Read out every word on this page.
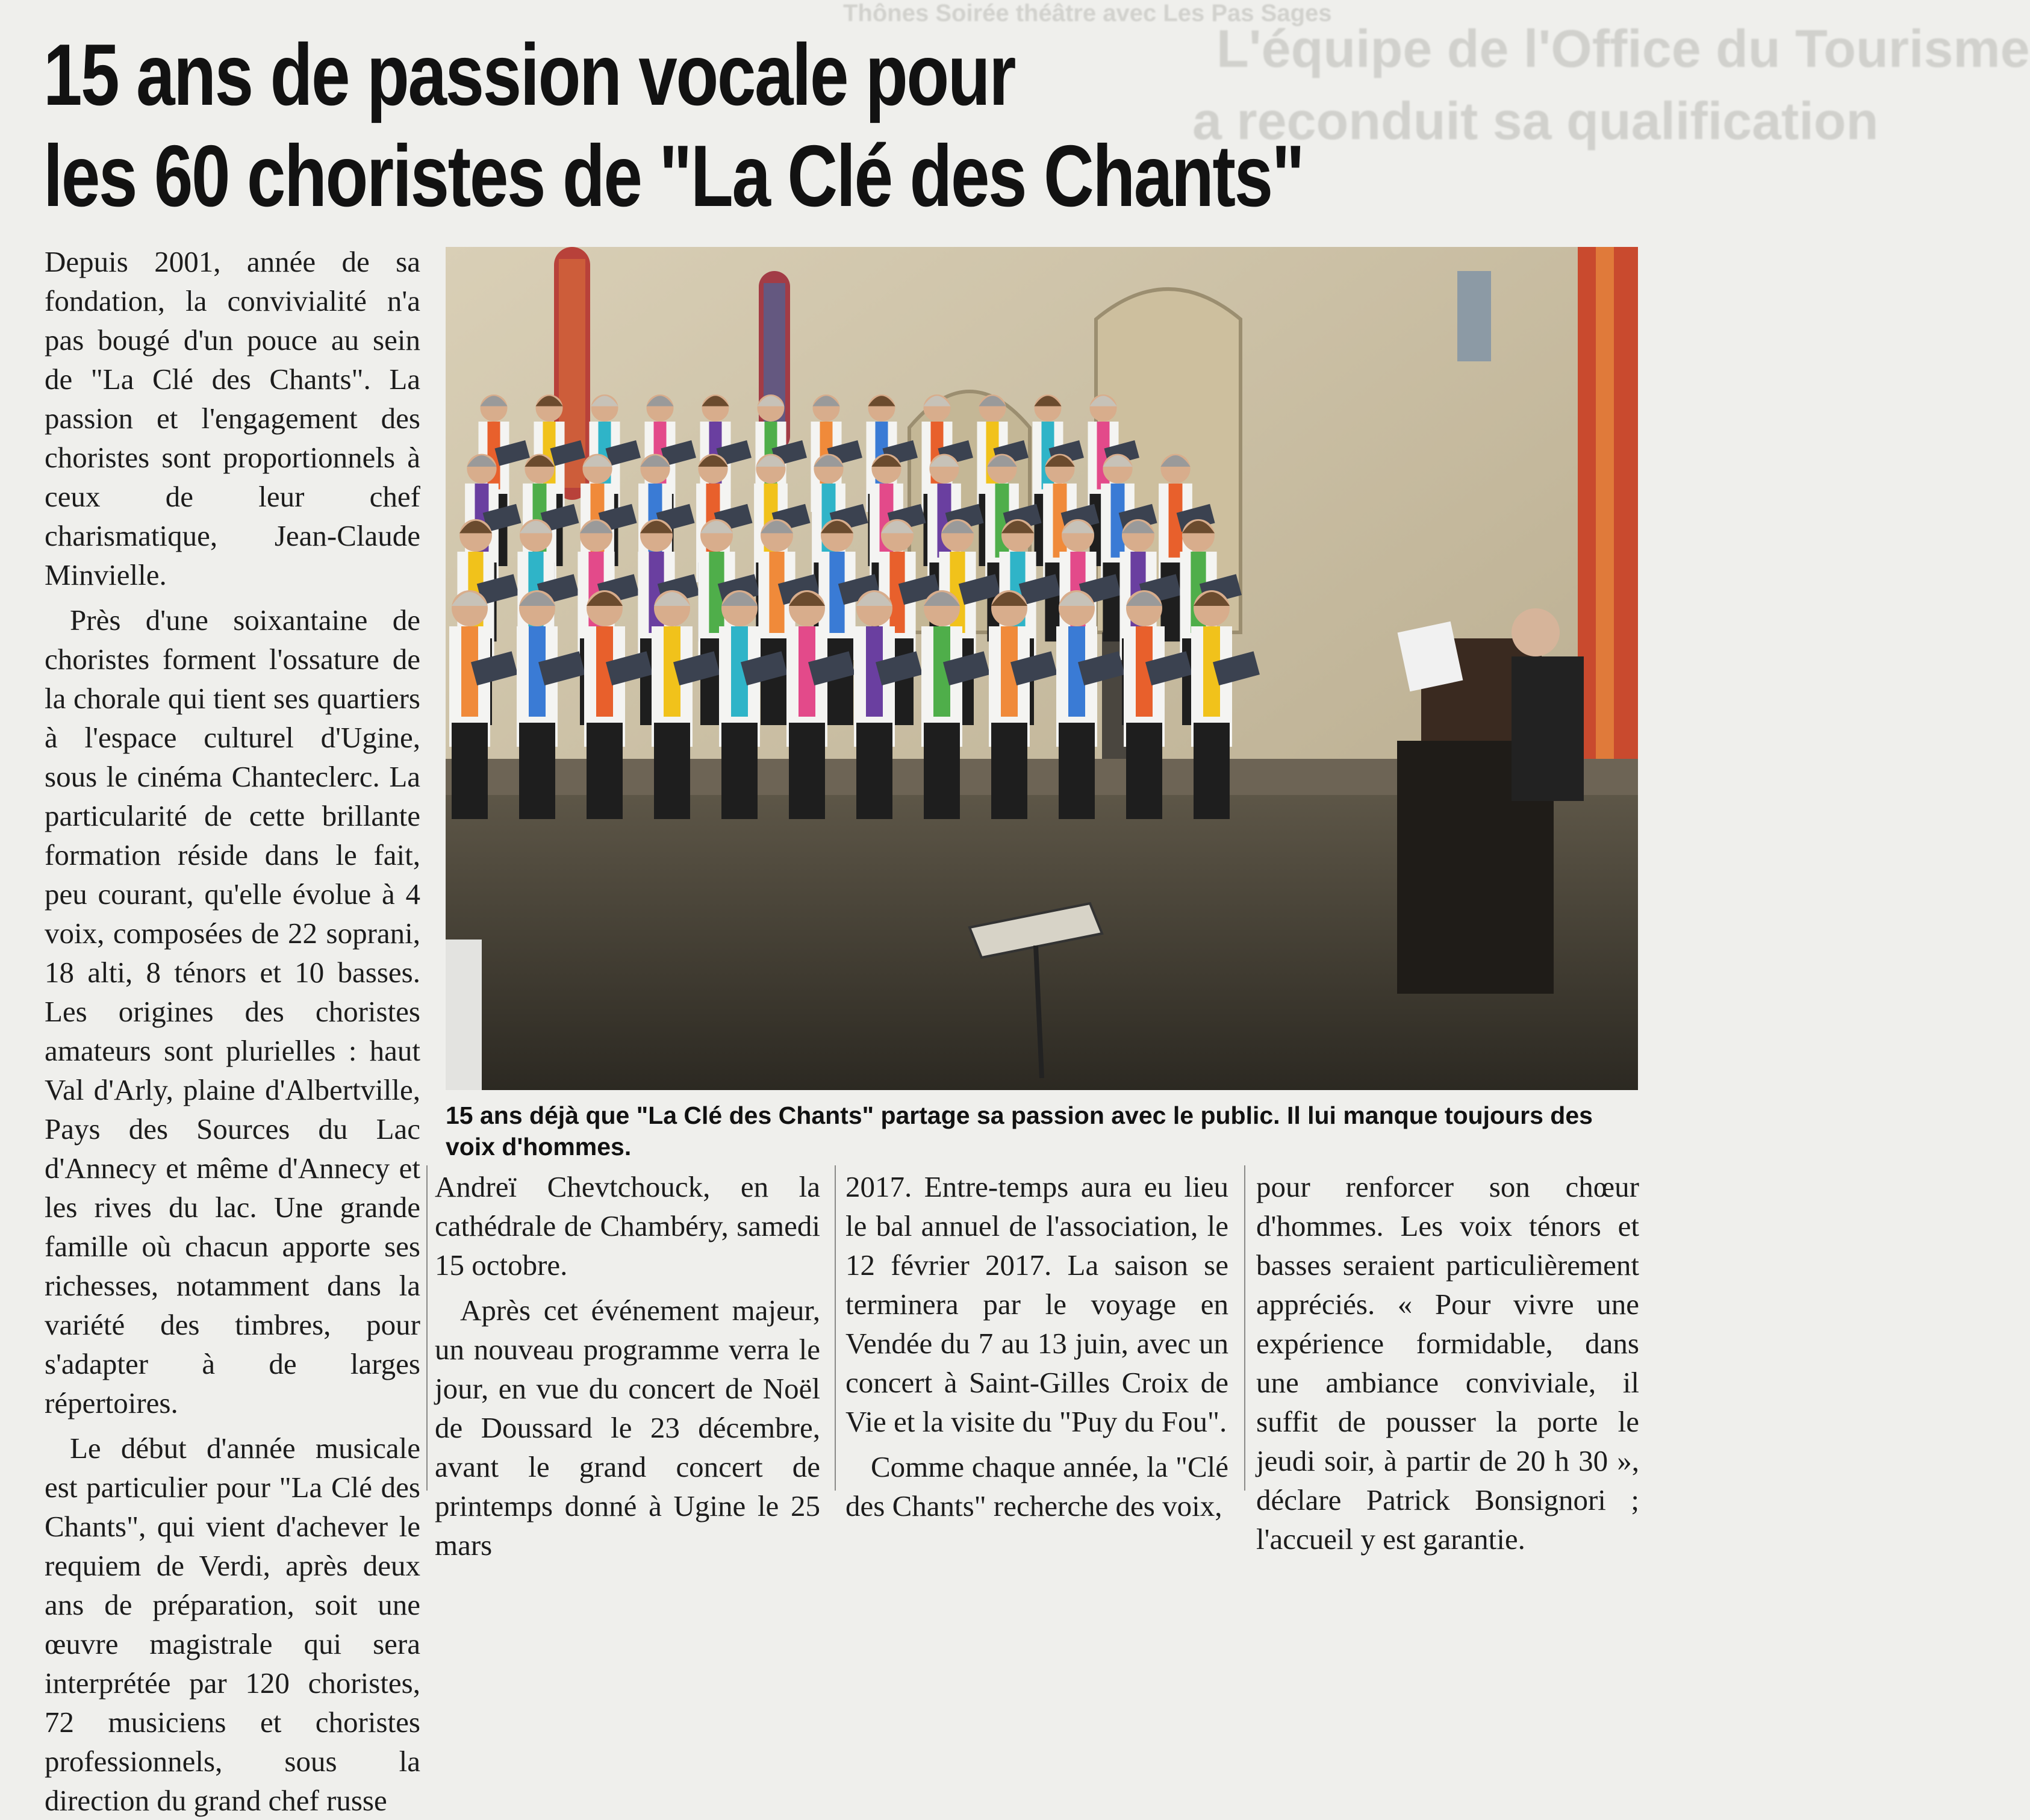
Thônes Soirée théâtre avec Les Pas Sages
L'équipe de l'Office du Tourisme
a reconduit sa qualification
15 ans de passion vocale pour
les 60 choristes de "La Clé des Chants"

Depuis 2001, année de sa fondation, la convivialité n'a pas bougé d'un pouce au sein de "La Clé des Chants". La passion et l'engagement des choristes sont proportionnels à ceux de leur chef charismatique, Jean-Claude Minvielle.

Près d'une soixantaine de choristes forment l'ossature de la chorale qui tient ses quartiers à l'espace culturel d'Ugine, sous le cinéma Chanteclerc. La particularité de cette brillante formation réside dans le fait, peu courant, qu'elle évolue à 4 voix, composées de 22 soprani, 18 alti, 8 ténors et 10 basses. Les origines des choristes amateurs sont plurielles : haut Val d'Arly, plaine d'Albertville, Pays des Sources du Lac d'Annecy et même d'Annecy et les rives du lac. Une grande famille où chacun apporte ses richesses, notamment dans la variété des timbres, pour s'adapter à de larges répertoires.

Le début d'année musicale est particulier pour "La Clé des Chants", qui vient d'achever le requiem de Verdi, après deux ans de préparation, soit une œuvre magistrale qui sera interprétée par 120 choristes, 72 musiciens et choristes professionnels, sous la direction du grand chef russe

15 ans déjà que "La Clé des Chants" partage sa passion avec le public. Il lui manque toujours des voix d'hommes.

Andreï Chevtchouck, en la cathédrale de Chambéry, samedi 15 octobre.

Après cet événement majeur, un nouveau programme verra le jour, en vue du concert de Noël de Doussard le 23 décembre, avant le grand concert de printemps donné à Ugine le 25 mars

2017. Entre-temps aura eu lieu le bal annuel de l'association, le 12 février 2017. La saison se terminera par le voyage en Vendée du 7 au 13 juin, avec un concert à Saint-Gilles Croix de Vie et la visite du "Puy du Fou".

Comme chaque année, la "Clé des Chants" recherche des voix,

pour renforcer son chœur d'hommes. Les voix ténors et basses seraient particulièrement appréciés. « Pour vivre une expérience formidable, dans une ambiance conviviale, il suffit de pousser la porte le jeudi soir, à partir de 20 h 30 », déclare Patrick Bonsignori ; l'accueil y est garantie.
